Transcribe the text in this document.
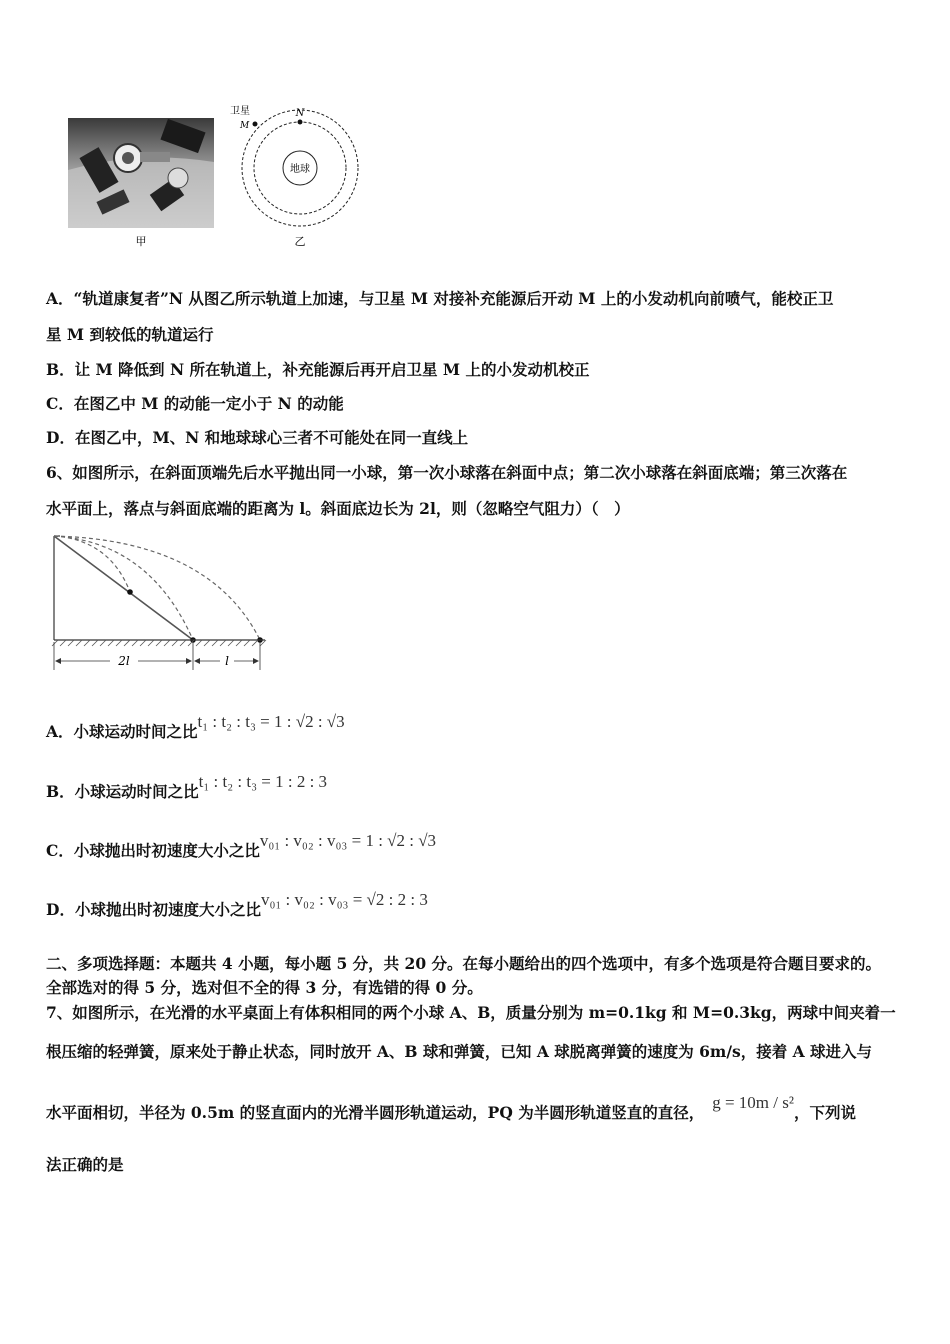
甲
地球
N
卫星
M
乙
A．“轨道康复者”N 从图乙所示轨道上加速，与卫星 M 对接补充能源后开动 M 上的小发动机向前喷气，能校正卫
星 M 到较低的轨道运行
B．让 M 降低到 N 所在轨道上，补充能源后再开启卫星 M 上的小发动机校正
C．在图乙中 M 的动能一定小于 N 的动能
D．在图乙中，M、N 和地球球心三者不可能处在同一直线上
6、如图所示，在斜面顶端先后水平抛出同一小球，第一次小球落在斜面中点；第二次小球落在斜面底端；第三次落在
水平面上，落点与斜面底端的距离为 l。斜面底边长为 2l，则（忽略空气阻力）（　）
2l	l
A．小球运动时间之比t₁ : t₂ : t₃ = 1 : √2 : √3
B．小球运动时间之比t₁ : t₂ : t₃ = 1 : 2 : 3
C．小球抛出时初速度大小之比v₀₁ : v₀₂ : v₀₃ = 1 : √2 : √3
D．小球抛出时初速度大小之比v₀₁ : v₀₂ : v₀₃ = √2 : 2 : 3
二、多项选择题：本题共 4 小题，每小题 5 分，共 20 分。在每小题给出的四个选项中，有多个选项是符合题目要求的。
全部选对的得 5 分，选对但不全的得 3 分，有选错的得 0 分。
7、如图所示，在光滑的水平桌面上有体积相同的两个小球 A、B，质量分别为 m=0.1kg 和 M=0.3kg，两球中间夹着一
根压缩的轻弹簧，原来处于静止状态，同时放开 A、B 球和弹簧，已知 A 球脱离弹簧的速度为 6m/s，接着 A 球进入与
水平面相切，半径为 0.5m 的竖直面内的光滑半圆形轨道运动，PQ 为半圆形轨道竖直的直径，g = 10m / s²，下列说
法正确的是
